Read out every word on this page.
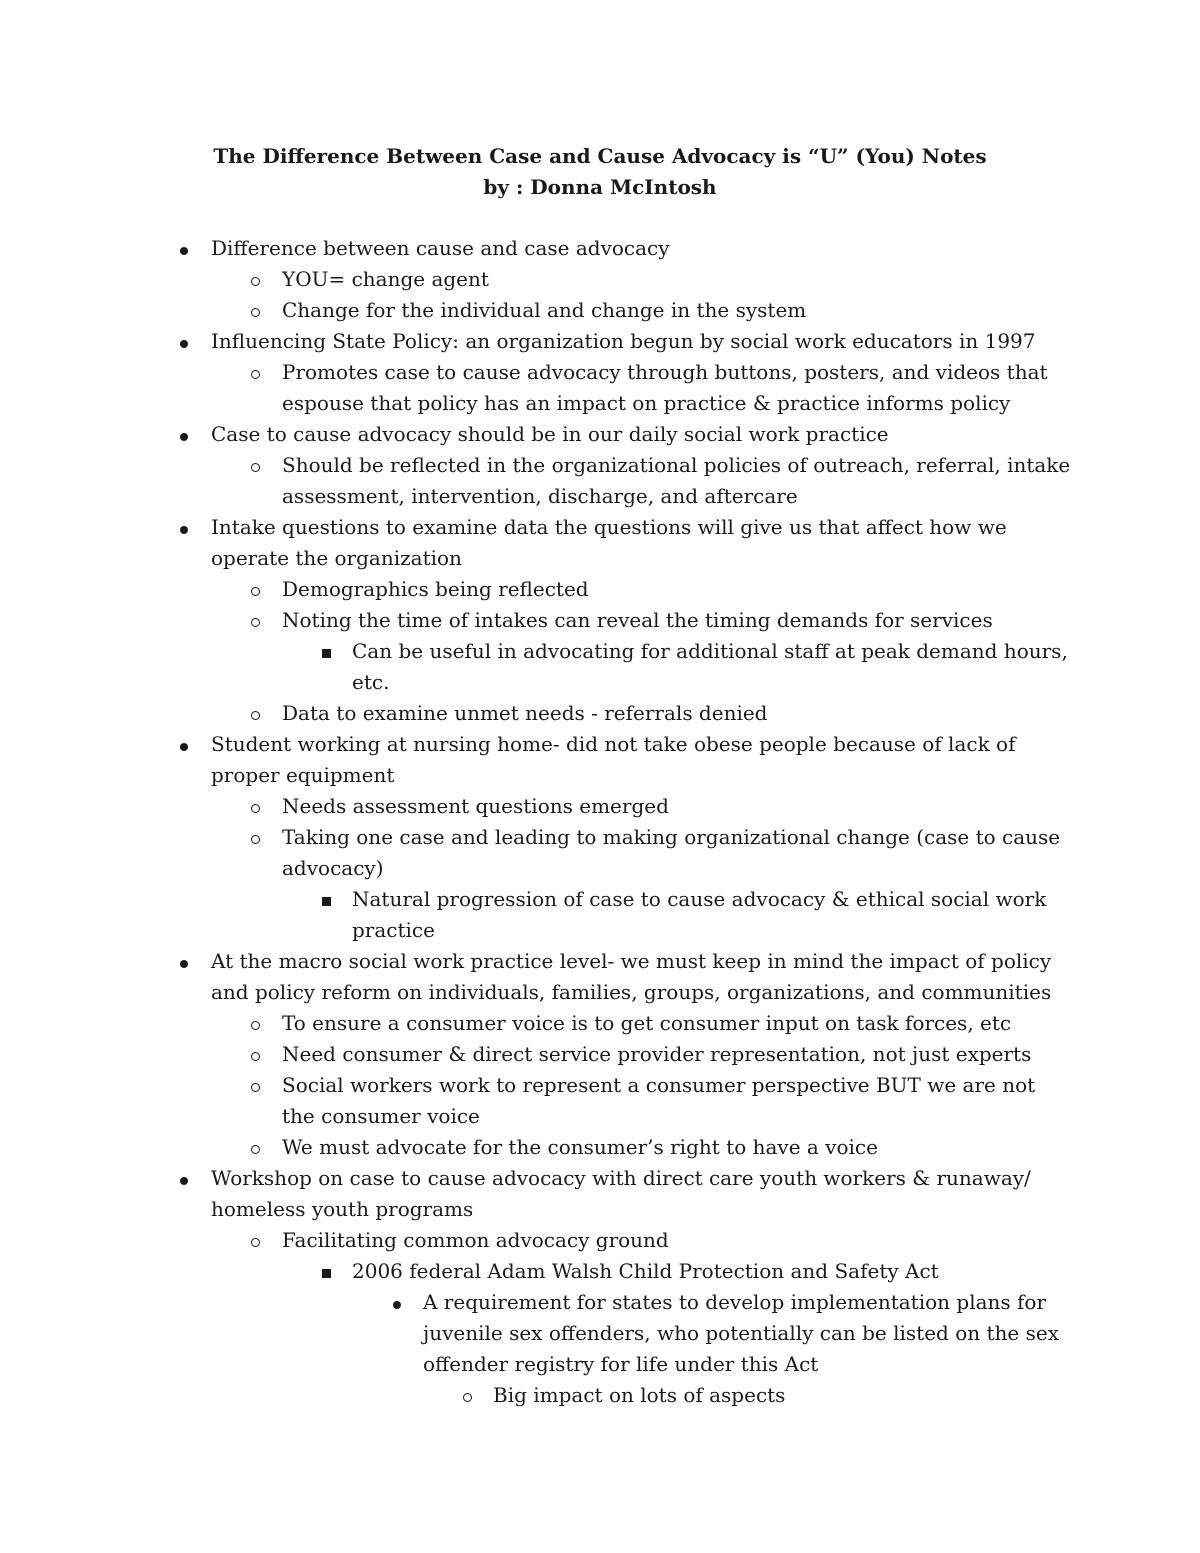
The Difference Between Case and Cause Advocacy is “U” (You) Notes
by : Donna McIntosh
Difference between cause and case advocacy
YOU= change agent
Change for the individual and change in the system
Influencing State Policy: an organization begun by social work educators in 1997
Promotes case to cause advocacy through buttons, posters, and videos that espouse that policy has an impact on practice & practice informs policy
Case to cause advocacy should be in our daily social work practice
Should be reflected in the organizational policies of outreach, referral, intake assessment, intervention, discharge, and aftercare
Intake questions to examine data the questions will give us that affect how we operate the organization
Demographics being reflected
Noting the time of intakes can reveal the timing demands for services
Can be useful in advocating for additional staff at peak demand hours, etc.
Data to examine unmet needs - referrals denied
Student working at nursing home- did not take obese people because of lack of proper equipment
Needs assessment questions emerged
Taking one case and leading to making organizational change (case to cause advocacy)
Natural progression of case to cause advocacy & ethical social work practice
At the macro social work practice level- we must keep in mind the impact of policy and policy reform on individuals, families, groups, organizations, and communities
To ensure a consumer voice is to get consumer input on task forces, etc
Need consumer & direct service provider representation, not just experts
Social workers work to represent a consumer perspective BUT we are not the consumer voice
We must advocate for the consumer’s right to have a voice
Workshop on case to cause advocacy with direct care youth workers & runaway/ homeless youth programs
Facilitating common advocacy ground
2006 federal Adam Walsh Child Protection and Safety Act
A requirement for states to develop implementation plans for juvenile sex offenders, who potentially can be listed on the sex offender registry for life under this Act
Big impact on lots of aspects
